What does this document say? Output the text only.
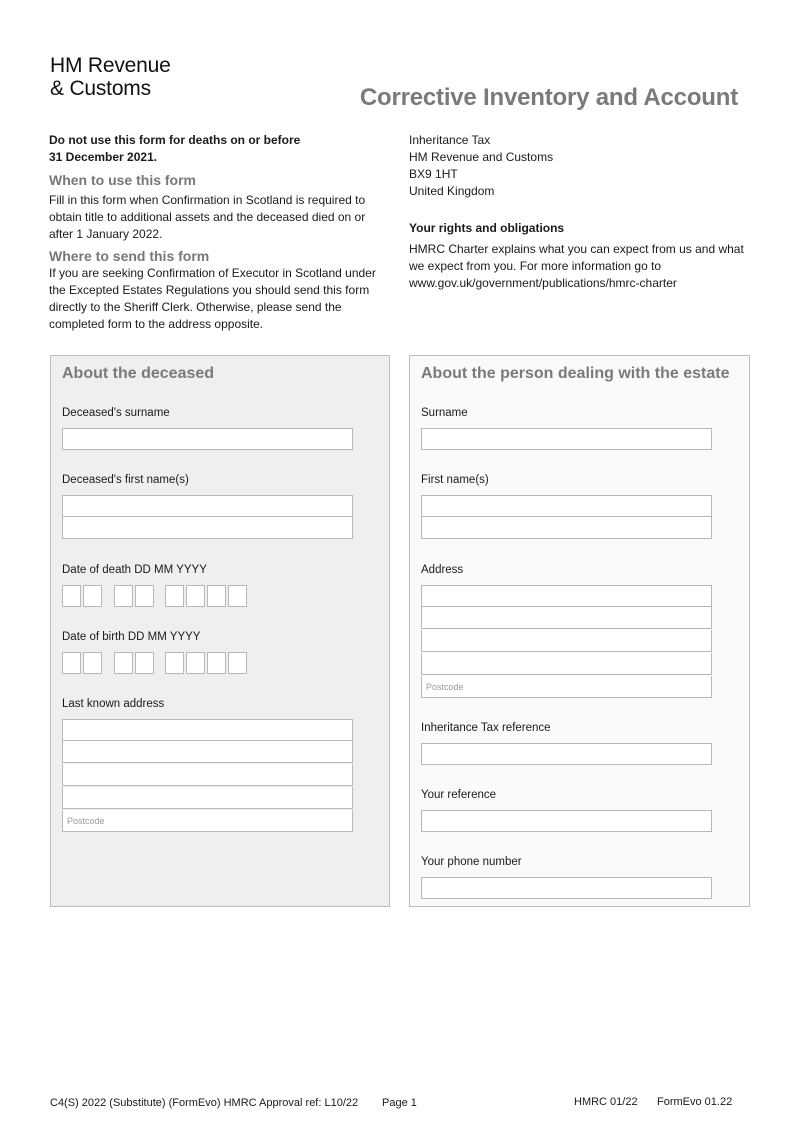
HM Revenue
& Customs	Corrective Inventory and Account

Do not use this form for deaths on or before

31 December 2021.

When to use this form

Fill in this form when Confirmation in Scotland is required to obtain title to additional assets and the deceased died on or after 1 January 2022.

Where to send this form

If you are seeking Confirmation of Executor in Scotland under the Excepted Estates Regulations you should send this form directly to the Sheriff Clerk. Otherwise, please send the completed form to the address opposite.

Inheritance Tax
HM Revenue and Customs
BX9 1HT
United Kingdom
Your rights and obligations
HMRC Charter explains what you can expect from us and what we expect from you. For more information go to www.gov.uk/government/publications/hmrc-charter
About the deceased
Deceased's surname
Deceased's first name(s)
Date of death DD MM YYYY
Date of birth DD MM YYYY
Last known address
Postcode
About the person dealing with the estate
Surname
First name(s)
Address
Postcode
Inheritance Tax reference
Your reference
Your phone number
C4(S) 2022 (Substitute) (FormEvo) HMRC Approval ref: L10/22 Page 1	HMRC 01/22 FormEvo 01.22
